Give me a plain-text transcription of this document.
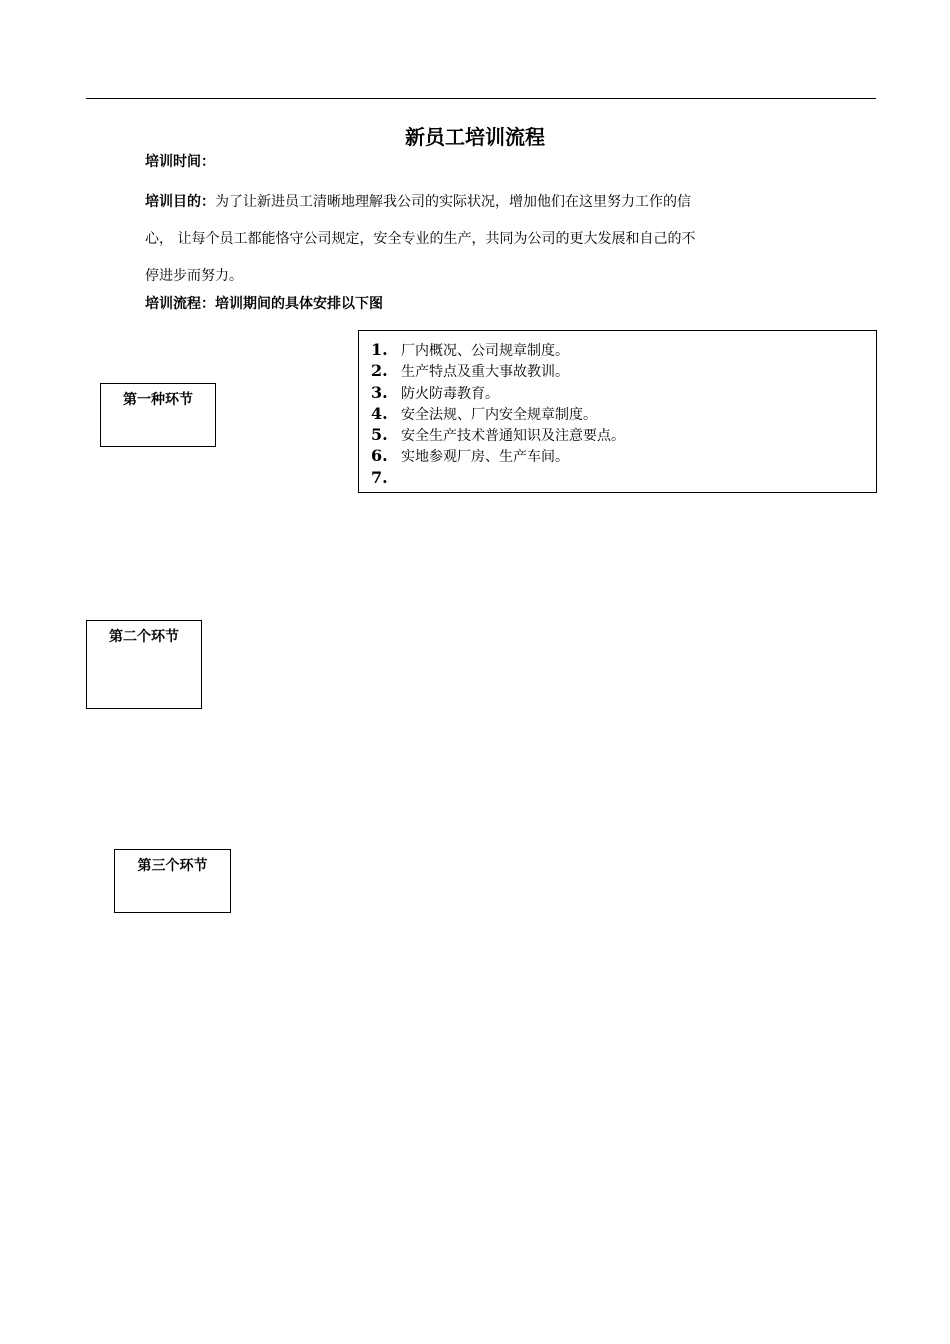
新员工培训流程
培训时间：
培训目的：为了让新进员工清晰地理解我公司的实际状况，增加他们在这里努力工作的信
心， 让每个员工都能恪守公司规定，安全专业的生产，共同为公司的更大发展和自己的不
停进步而努力。
培训流程：培训期间的具体安排以下图
第一种环节
1. 厂内概况、公司规章制度。
2. 生产特点及重大事故教训。
3. 防火防毒教育。
4. 安全法规、厂内安全规章制度。
5. 安全生产技术普通知识及注意要点。
6. 实地参观厂房、生产车间。
7.
第二个环节
第三个环节
